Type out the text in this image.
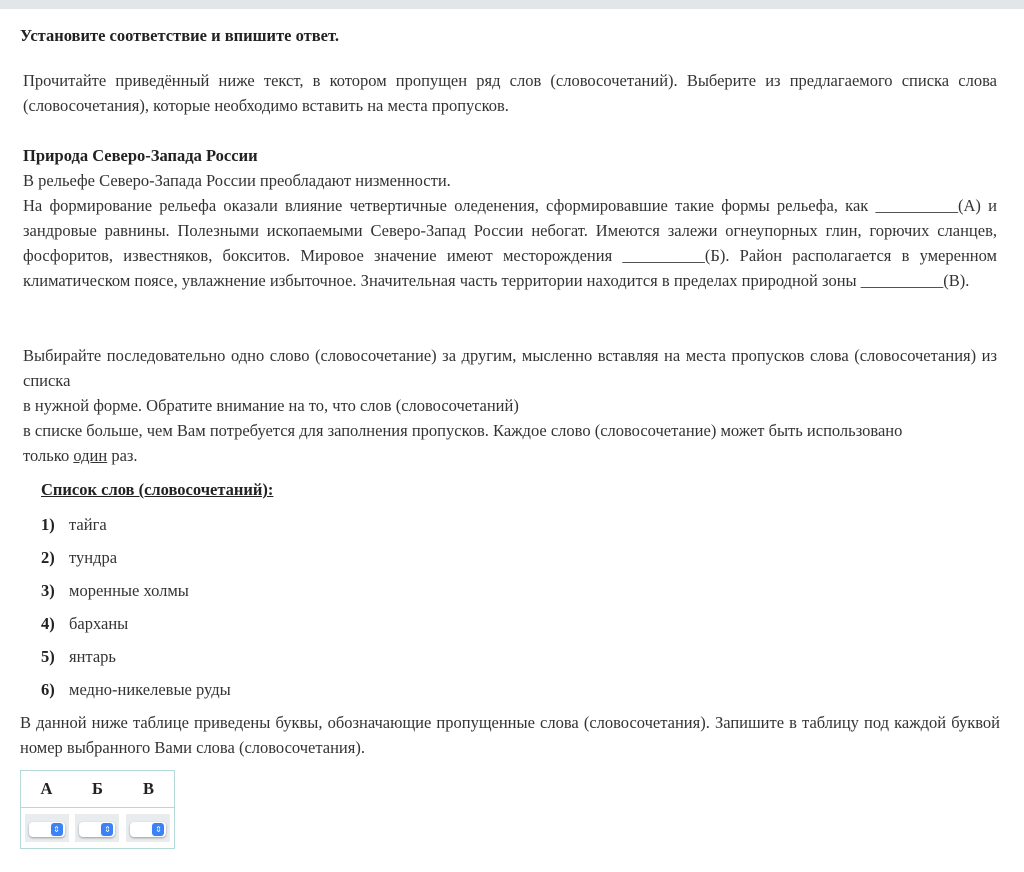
Установите соответствие и впишите ответ.
Прочитайте приведённый ниже текст, в котором пропущен ряд слов (словосочетаний). Выберите из предлагаемого списка слова (словосочетания), которые необходимо вставить на места пропусков.
Природа Северо-Запада России
В рельефе Северо-Запада России преобладают низменности.
На формирование рельефа оказали влияние четвертичные оледенения, сформировавшие такие формы рельефа, как __________(А) и зандровые равнины. Полезными ископаемыми Северо-Запад России небогат. Имеются залежи огнеупорных глин, горючих сланцев, фосфоритов, известняков, бокситов. Мировое значение имеют месторождения __________(Б). Район располагается в умеренном климатическом поясе, увлажнение избыточное. Значительная часть территории находится в пределах природной зоны __________(В).
Выбирайте последовательно одно слово (словосочетание) за другим, мысленно вставляя на места пропусков слова (словосочетания) из списка
в нужной форме. Обратите внимание на то, что слов (словосочетаний)
в списке больше, чем Вам потребуется для заполнения пропусков. Каждое слово (словосочетание) может быть использовано
только один раз.
Список слов (словосочетаний):
1) тайга
2) тундра
3) моренные холмы
4) барханы
5) янтарь
6) медно-никелевые руды
В данной ниже таблице приведены буквы, обозначающие пропущенные слова (словосочетания). Запишите в таблицу под каждой буквой номер выбранного Вами слова (словосочетания).
А	Б	В

⇕	⇕	⇕
